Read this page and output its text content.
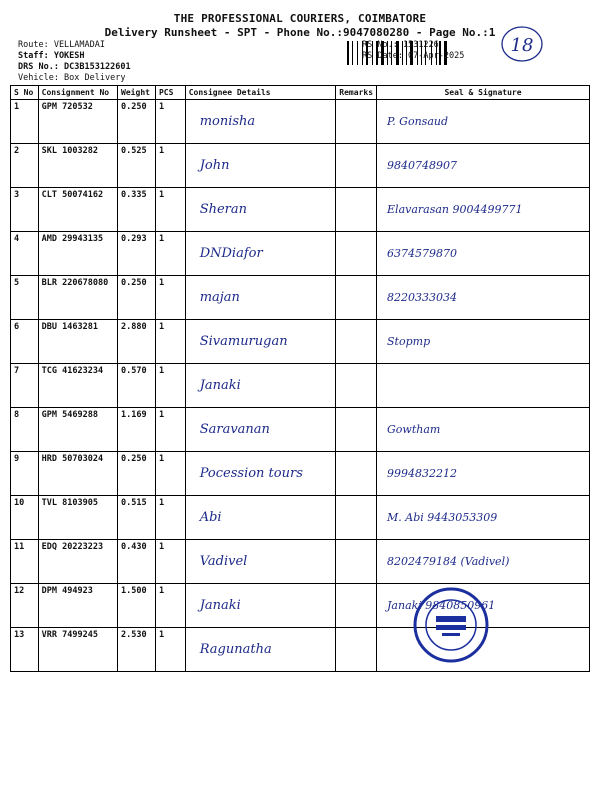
THE PROFESSIONAL COURIERS, COIMBATORE
Delivery Runsheet - SPT - Phone No.:9047080280 - Page No.:1
Route: VELLAMADAI
Staff: YOKESH
DRS No.: DC3B153122601
Vehicle: Box Delivery
RS No.: 1531226
RS Date: 07-Apr-2025	18
S No	Consignment No	Weight	PCS	Consignee Details	Remarks	Seal & Signature
1	GPM 720532	0.250	1	monisha		P. Gonsaud
2	SKL 1003282	0.525	1	John		9840748907
3	CLT 50074162	0.335	1	Sheran		Elavarasan 9004499771
4	AMD 29943135	0.293	1	DNDiafor		6374579870
5	BLR 220678080	0.250	1	majan		8220333034
6	DBU 1463281	2.880	1	Sivamurugan		Stopmp
7	TCG 41623234	0.570	1	Janaki		
8	GPM 5469288	1.169	1	Saravanan		Gowtham
9	HRD 50703024	0.250	1	Pocession tours		9994832212
10	TVL 8103905	0.515	1	Abi		M. Abi 9443053309
11	EDQ 20223223	0.430	1	Vadivel		8202479184 (Vadivel)
12	DPM 494923	1.500	1	Janaki		Janaki 9840850961
13	VRR 7499245	2.530	1	Ragunatha		
